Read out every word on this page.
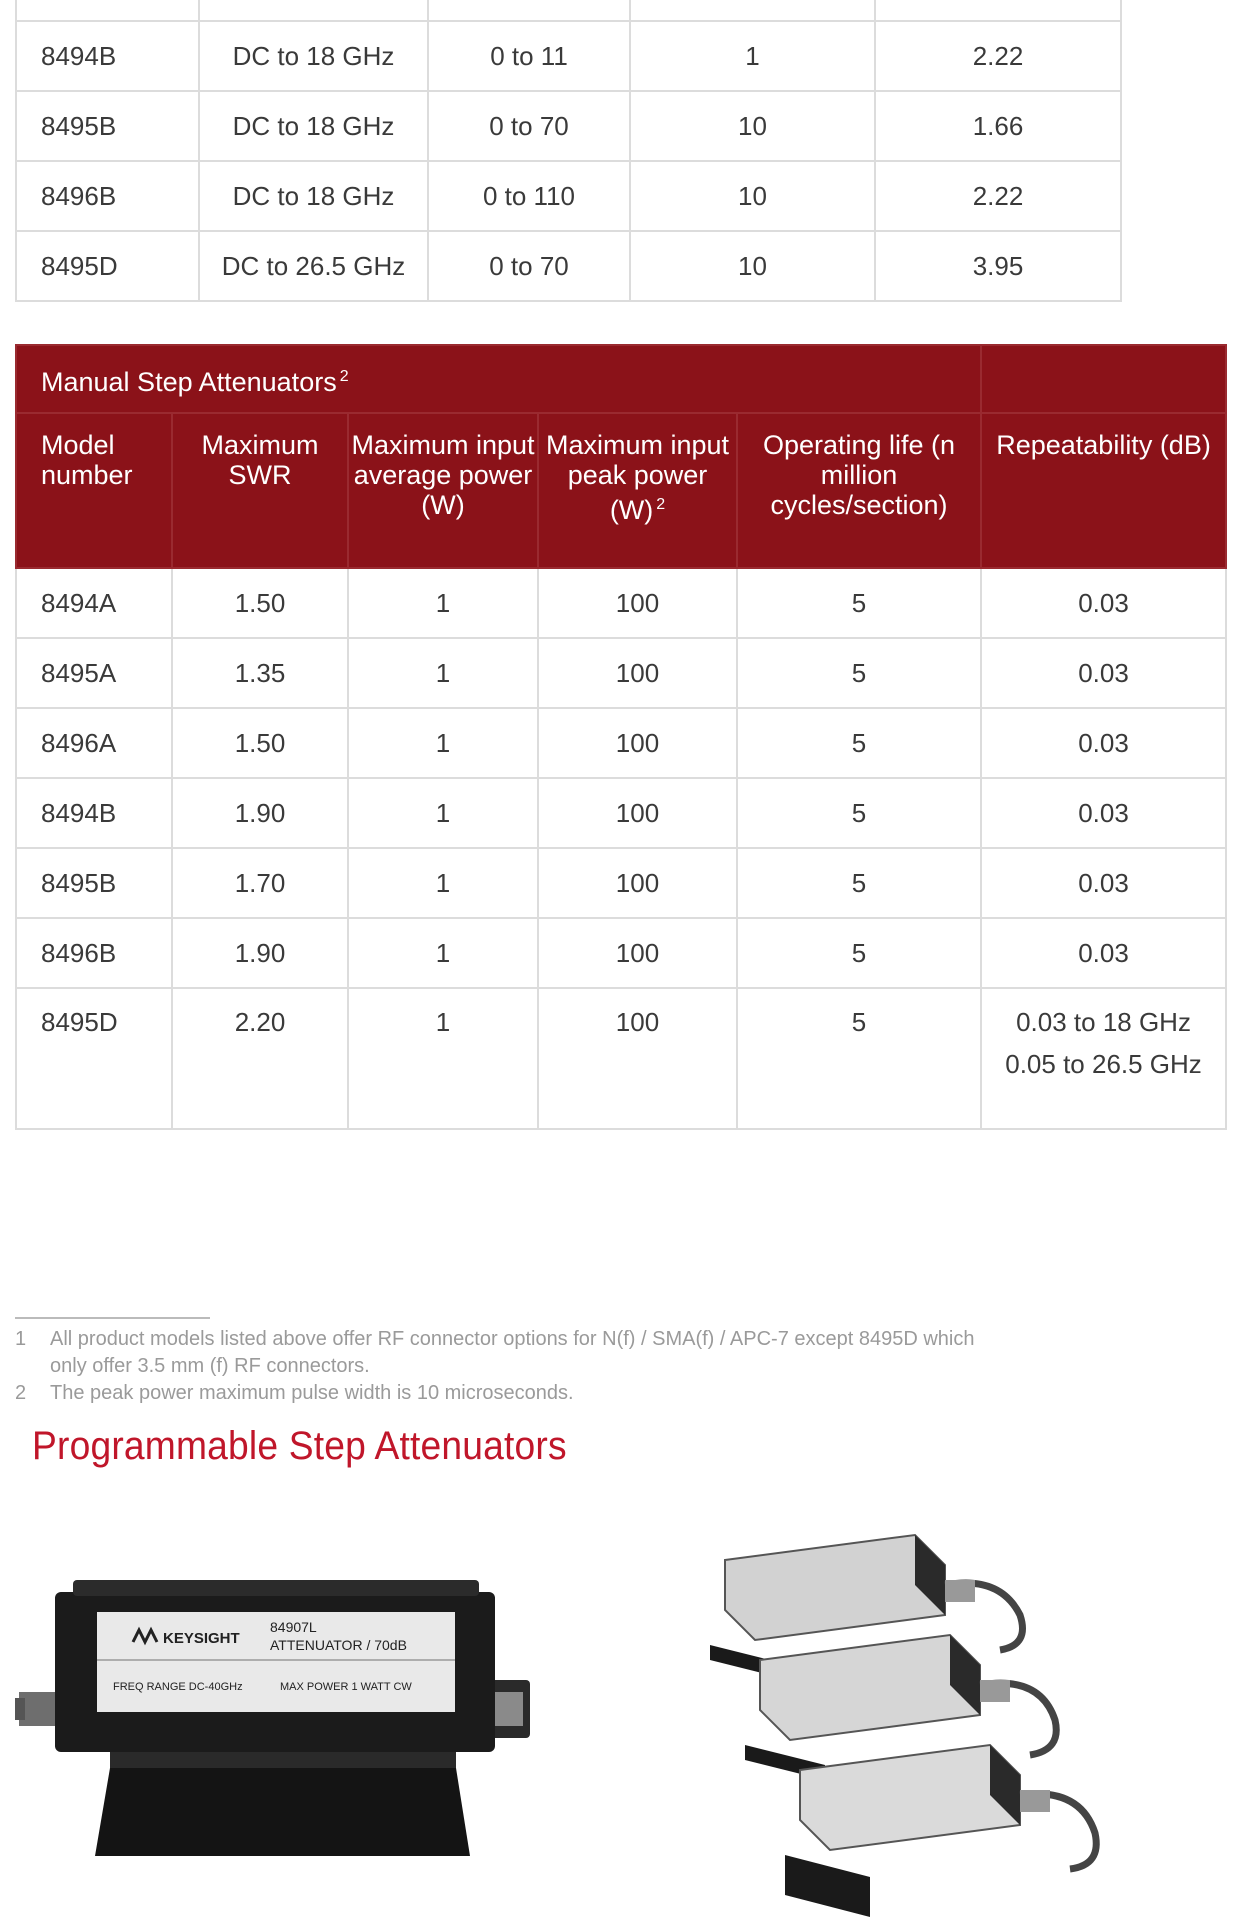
8494B	DC to 18 GHz	0 to 11	1	2.22
8495B	DC to 18 GHz	0 to 70	10	1.66
8496B	DC to 18 GHz	0 to 110	10	2.22
8495D	DC to 26.5 GHz	0 to 70	10	3.95
Manual Step Attenuators $^2$	
Model number	Maximum SWR	Maximum input average power (W)	Maximum input peak power (W) $^2$	Operating life (n million cycles/section)	Repeatability (dB)
8494A	1.50	1	100	5	0.03
8495A	1.35	1	100	5	0.03
8496A	1.50	1	100	5	0.03
8494B	1.90	1	100	5	0.03
8495B	1.70	1	100	5	0.03
8496B	1.90	1	100	5	0.03
8495D	2.20	1	100	5	0.03 to 18 GHz
0.05 to 26.5 GHz
1	All product models listed above offer RF connector options for N(f) / SMA(f) / APC-7 except 8495D which only offer 3.5 mm (f) RF connectors.
2	The peak power maximum pulse width is 10 microseconds.
Programmable Step Attenuators
KEYSIGHT
84907L
ATTENUATOR / 70dB
FREQ RANGE DC-40GHz	MAX POWER 1 WATT CW
